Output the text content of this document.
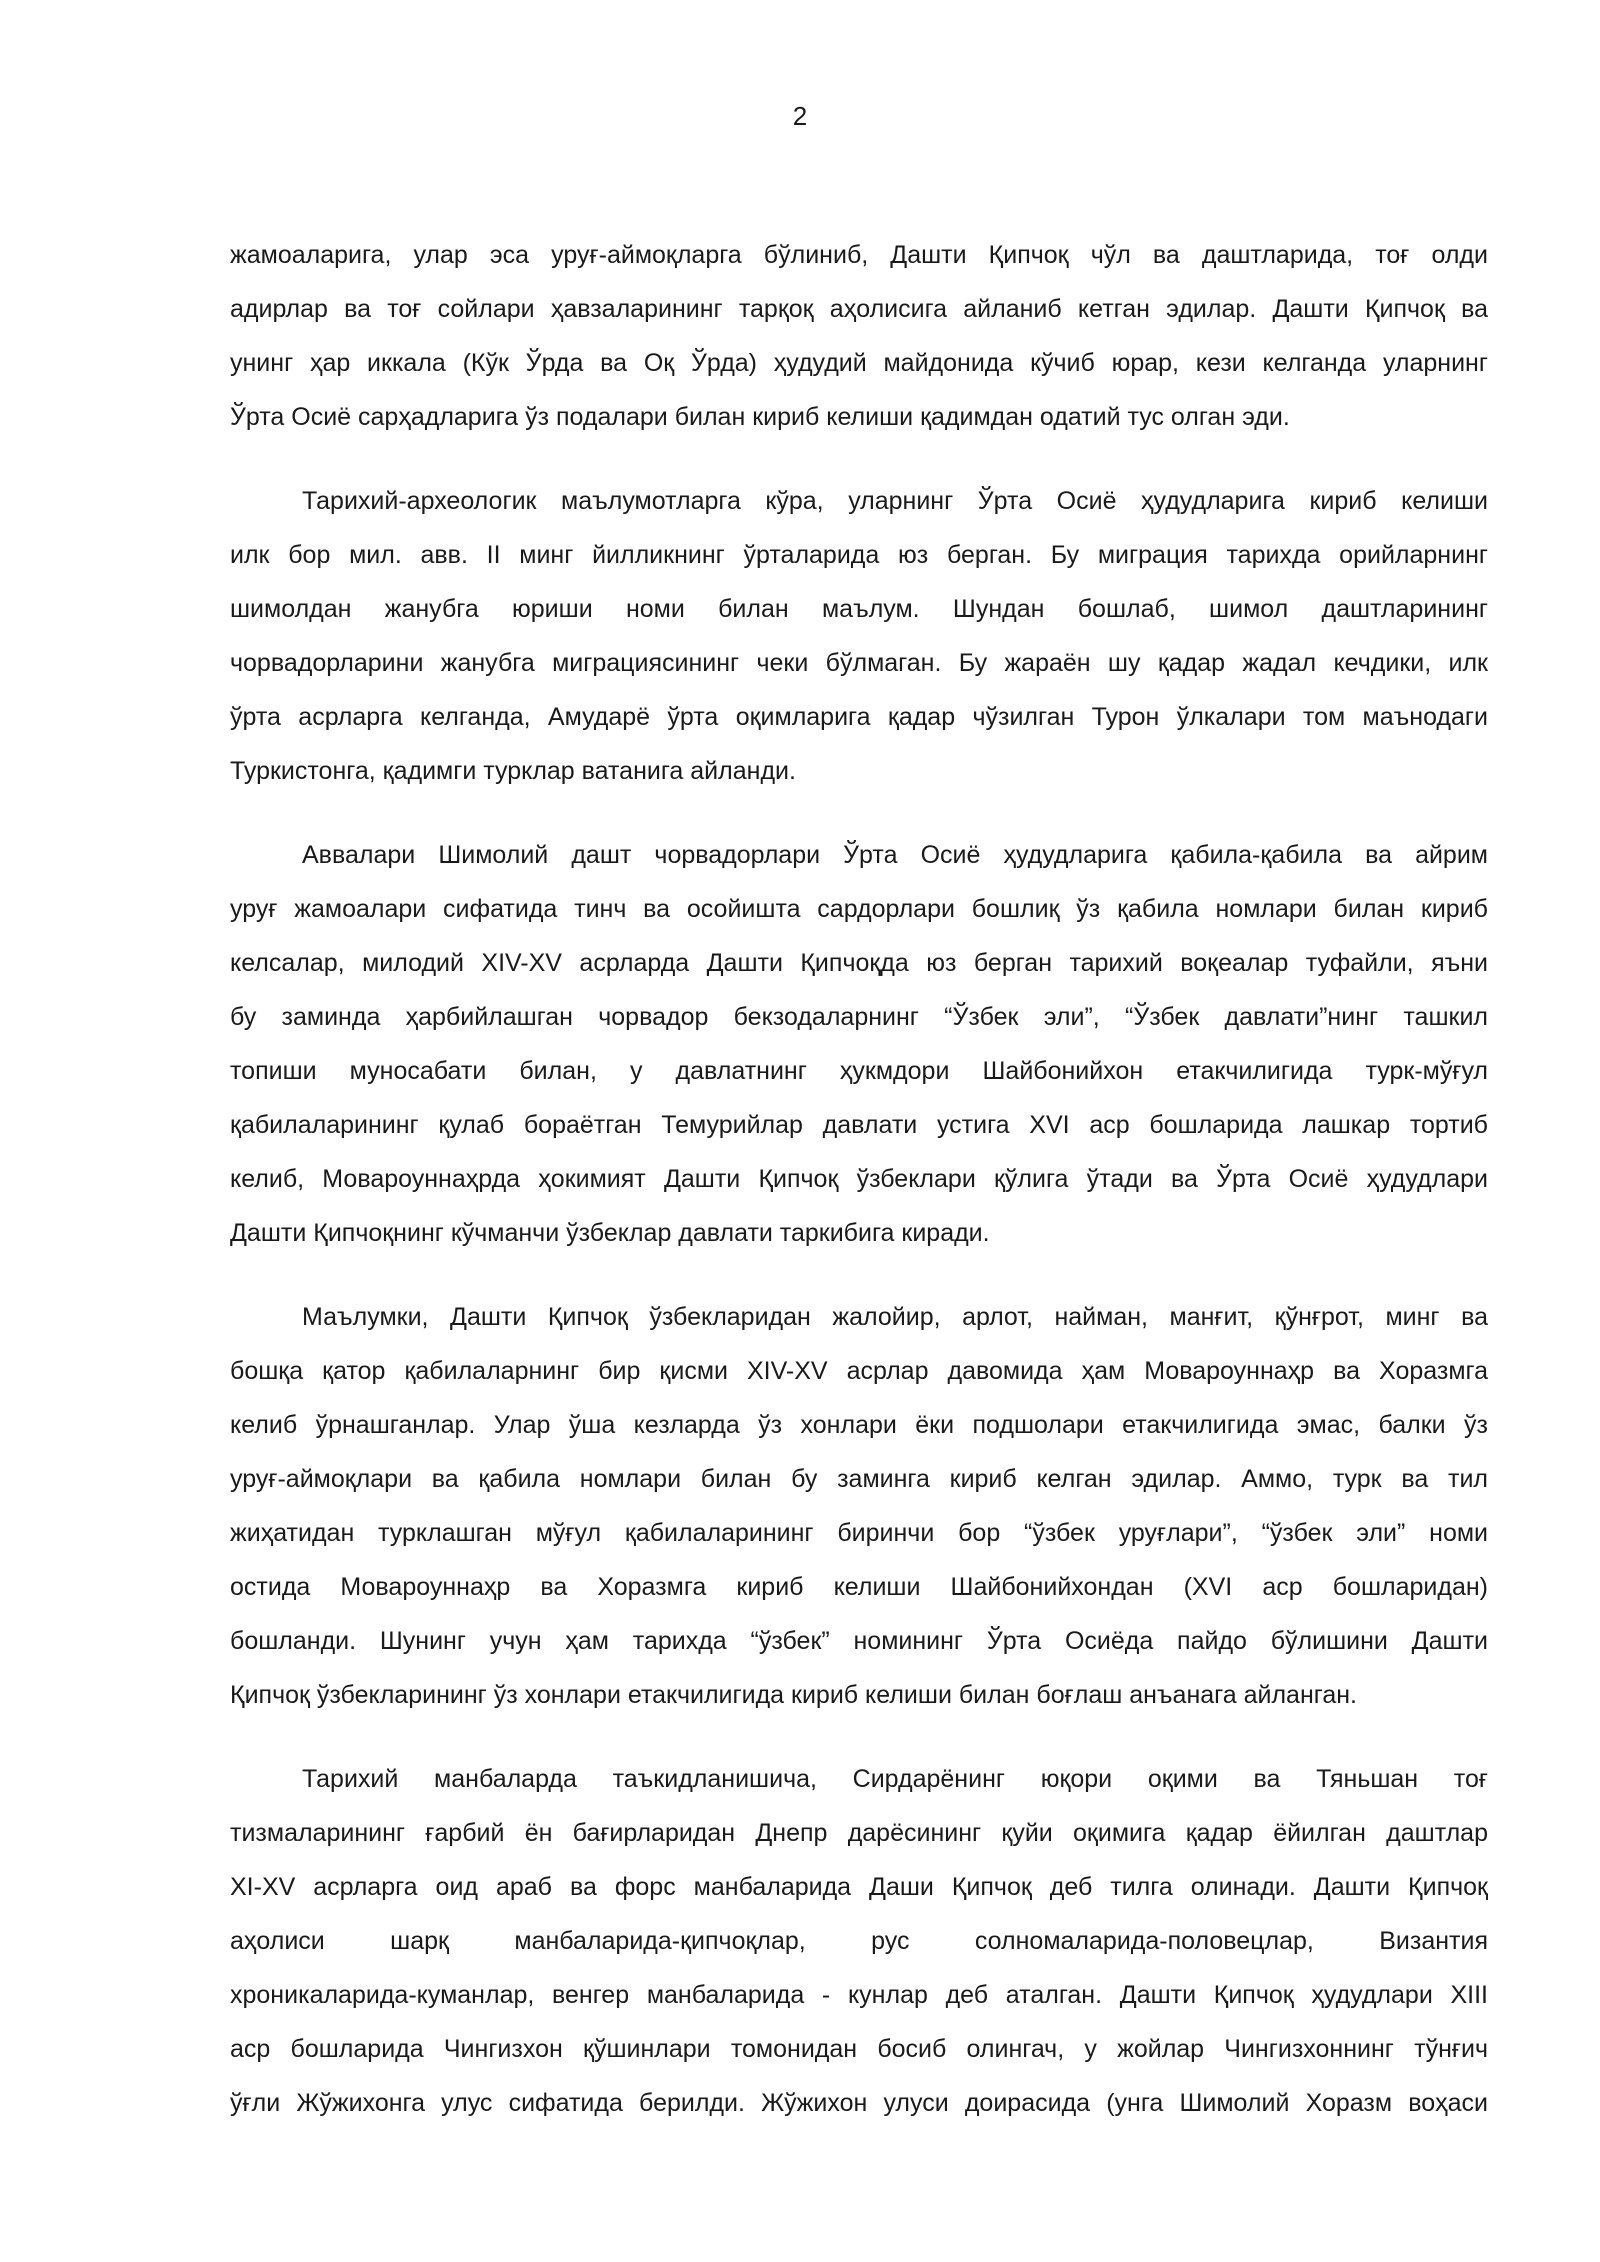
2
жамоаларига, улар эса уруғ-аймоқларга бўлиниб, Дашти Қипчоқ чўл ва даштларида, тоғ олди
адирлар ва тоғ сойлари ҳавзаларининг тарқоқ аҳолисига айланиб кетган эдилар. Дашти Қипчоқ ва
унинг ҳар иккала (Кўк Ўрда ва Оқ Ўрда) ҳудудий майдонида кўчиб юрар, кези келганда уларнинг
Ўрта Осиё сарҳадларига ўз подалари билан кириб келиши қадимдан одатий тус олган эди.
Тарихий-археологик маълумотларга кўра, уларнинг Ўрта Осиё ҳудудларига кириб келиши
илк бор мил. авв. II минг йилликнинг ўрталарида юз берган. Бу миграция тарихда орийларнинг
шимолдан жанубга юриши номи билан маълум. Шундан бошлаб, шимол даштларининг
чорвадорларини жанубга миграциясининг чеки бўлмаган. Бу жараён шу қадар жадал кечдики, илк
ўрта асрларга келганда, Амударё ўрта оқимларига қадар чўзилган Турон ўлкалари том маънодаги
Туркистонга, қадимги турклар ватанига айланди.
Аввалари Шимолий дашт чорвадорлари Ўрта Осиё ҳудудларига қабила-қабила ва айрим
уруғ жамоалари сифатида тинч ва осойишта сардорлари бошлиқ ўз қабила номлари билан кириб
келсалар, милодий XIV-XV асрларда Дашти Қипчоқда юз берган тарихий воқеалар туфайли, яъни
бу заминда ҳарбийлашган чорвадор бекзодаларнинг “Ўзбек эли”, “Ўзбек давлати”нинг ташкил
топиши муносабати билан, у давлатнинг ҳукмдори Шайбонийхон етакчилигида турк-мўғул
қабилаларининг қулаб бораётган Темурийлар давлати устига XVI аср бошларида лашкар тортиб
келиб, Мовароуннаҳрда ҳокимият Дашти Қипчоқ ўзбеклари қўлига ўтади ва Ўрта Осиё ҳудудлари
Дашти Қипчоқнинг кўчманчи ўзбеклар давлати таркибига киради.
Маълумки, Дашти Қипчоқ ўзбекларидан жалойир, арлот, найман, манғит, қўнғрот, минг ва
бошқа қатор қабилаларнинг бир қисми XIV-XV асрлар давомида ҳам Мовароуннаҳр ва Хоразмга
келиб ўрнашганлар. Улар ўша кезларда ўз хонлари ёки подшолари етакчилигида эмас, балки ўз
уруғ-аймоқлари ва қабила номлари билан бу заминга кириб келган эдилар. Аммо, турк ва тил
жиҳатидан турклашган мўғул қабилаларининг биринчи бор “ўзбек уруғлари”, “ўзбек эли” номи
остида Мовароуннаҳр ва Хоразмга кириб келиши Шайбонийхондан (XVI аср бошларидан)
бошланди. Шунинг учун ҳам тарихда “ўзбек” номининг Ўрта Осиёда пайдо бўлишини Дашти
Қипчоқ ўзбекларининг ўз хонлари етакчилигида кириб келиши билан боғлаш анъанага айланган.
Тарихий манбаларда таъкидланишича, Сирдарёнинг юқори оқими ва Тяньшан тоғ
тизмаларининг ғарбий ён бағирларидан Днепр дарёсининг қуйи оқимига қадар ёйилган даштлар
XI-XV асрларга оид араб ва форс манбаларида Даши Қипчоқ деб тилга олинади. Дашти Қипчоқ
аҳолиси шарқ манбаларида-қипчоқлар, рус солномаларида-половецлар, Византия
хроникаларида-куманлар, венгер манбаларида - кунлар деб аталган. Дашти Қипчоқ ҳудудлари XIII
аср бошларида Чингизхон қўшинлари томонидан босиб олингач, у жойлар Чингизхоннинг тўнғич
ўғли Жўжихонга улус сифатида берилди. Жўжихон улуси доирасида (унга Шимолий Хоразм воҳаси
